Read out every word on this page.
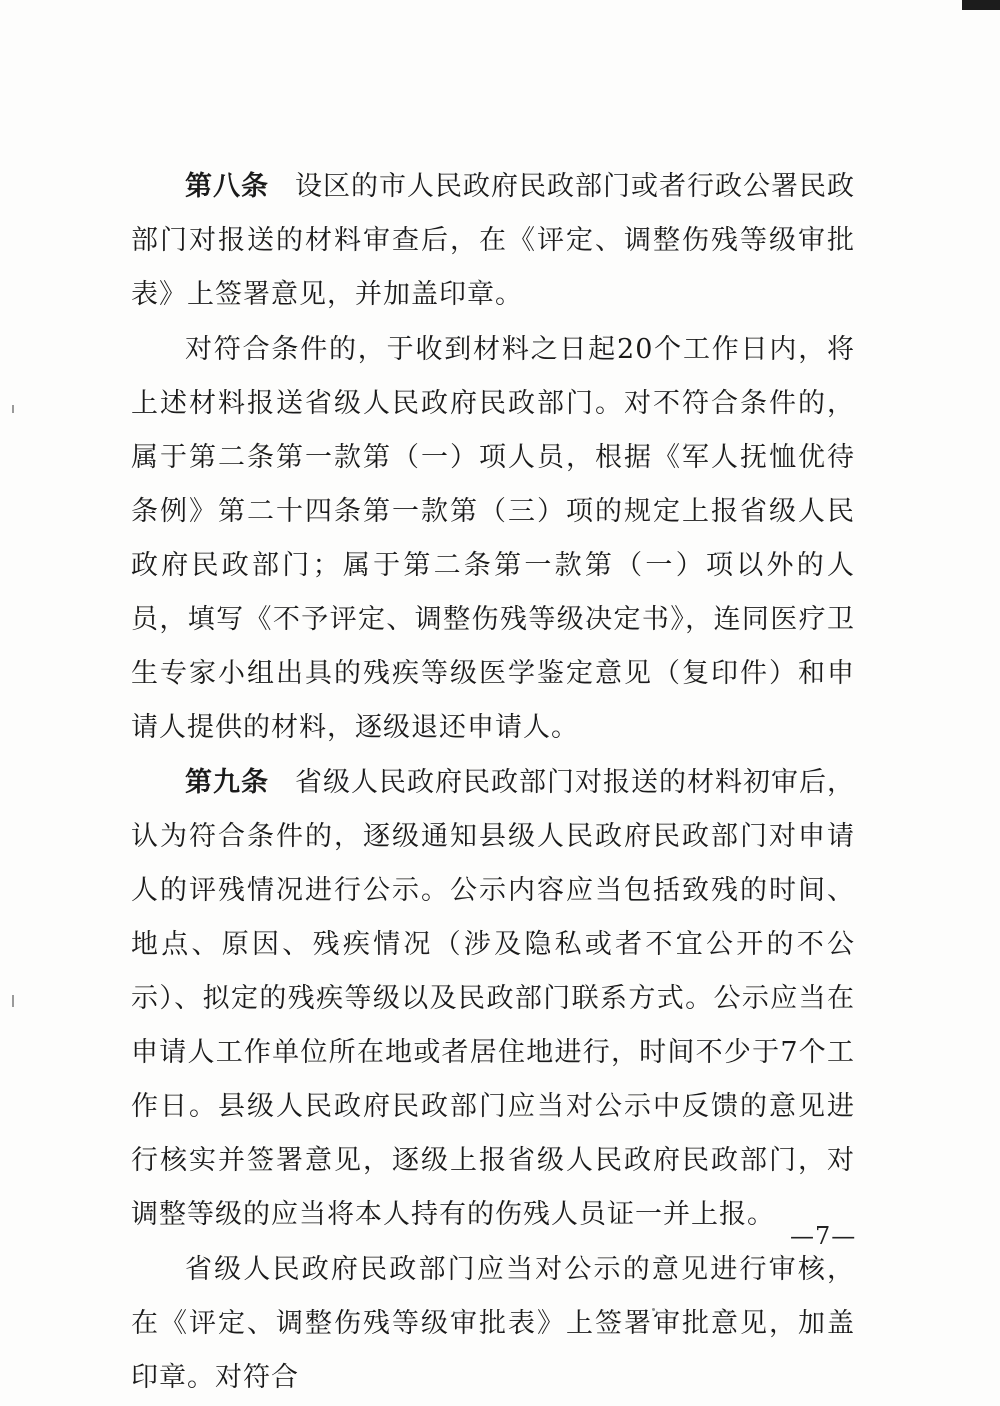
第八条 设区的市人民政府民政部门或者行政公署民政部门对报送的材料审查后，在《评定、调整伤残等级审批表》上签署意见，并加盖印章。

对符合条件的，于收到材料之日起20个工作日内，将上述材料报送省级人民政府民政部门。对不符合条件的，属于第二条第一款第（一）项人员，根据《军人抚恤优待条例》第二十四条第一款第（三）项的规定上报省级人民政府民政部门；属于第二条第一款第（一）项以外的人员，填写《不予评定、调整伤残等级决定书》，连同医疗卫生专家小组出具的残疾等级医学鉴定意见（复印件）和申请人提供的材料，逐级退还申请人。

第九条 省级人民政府民政部门对报送的材料初审后，认为符合条件的，逐级通知县级人民政府民政部门对申请人的评残情况进行公示。公示内容应当包括致残的时间、地点、原因、残疾情况（涉及隐私或者不宜公开的不公示）、拟定的残疾等级以及民政部门联系方式。公示应当在申请人工作单位所在地或者居住地进行，时间不少于7个工作日。县级人民政府民政部门应当对公示中反馈的意见进行核实并签署意见，逐级上报省级人民政府民政部门，对调整等级的应当将本人持有的伤残人员证一并上报。

省级人民政府民政部门应当对公示的意见进行审核，在《评定、调整伤残等级审批表》上签署审批意见，加盖印章。对符合

—7—
